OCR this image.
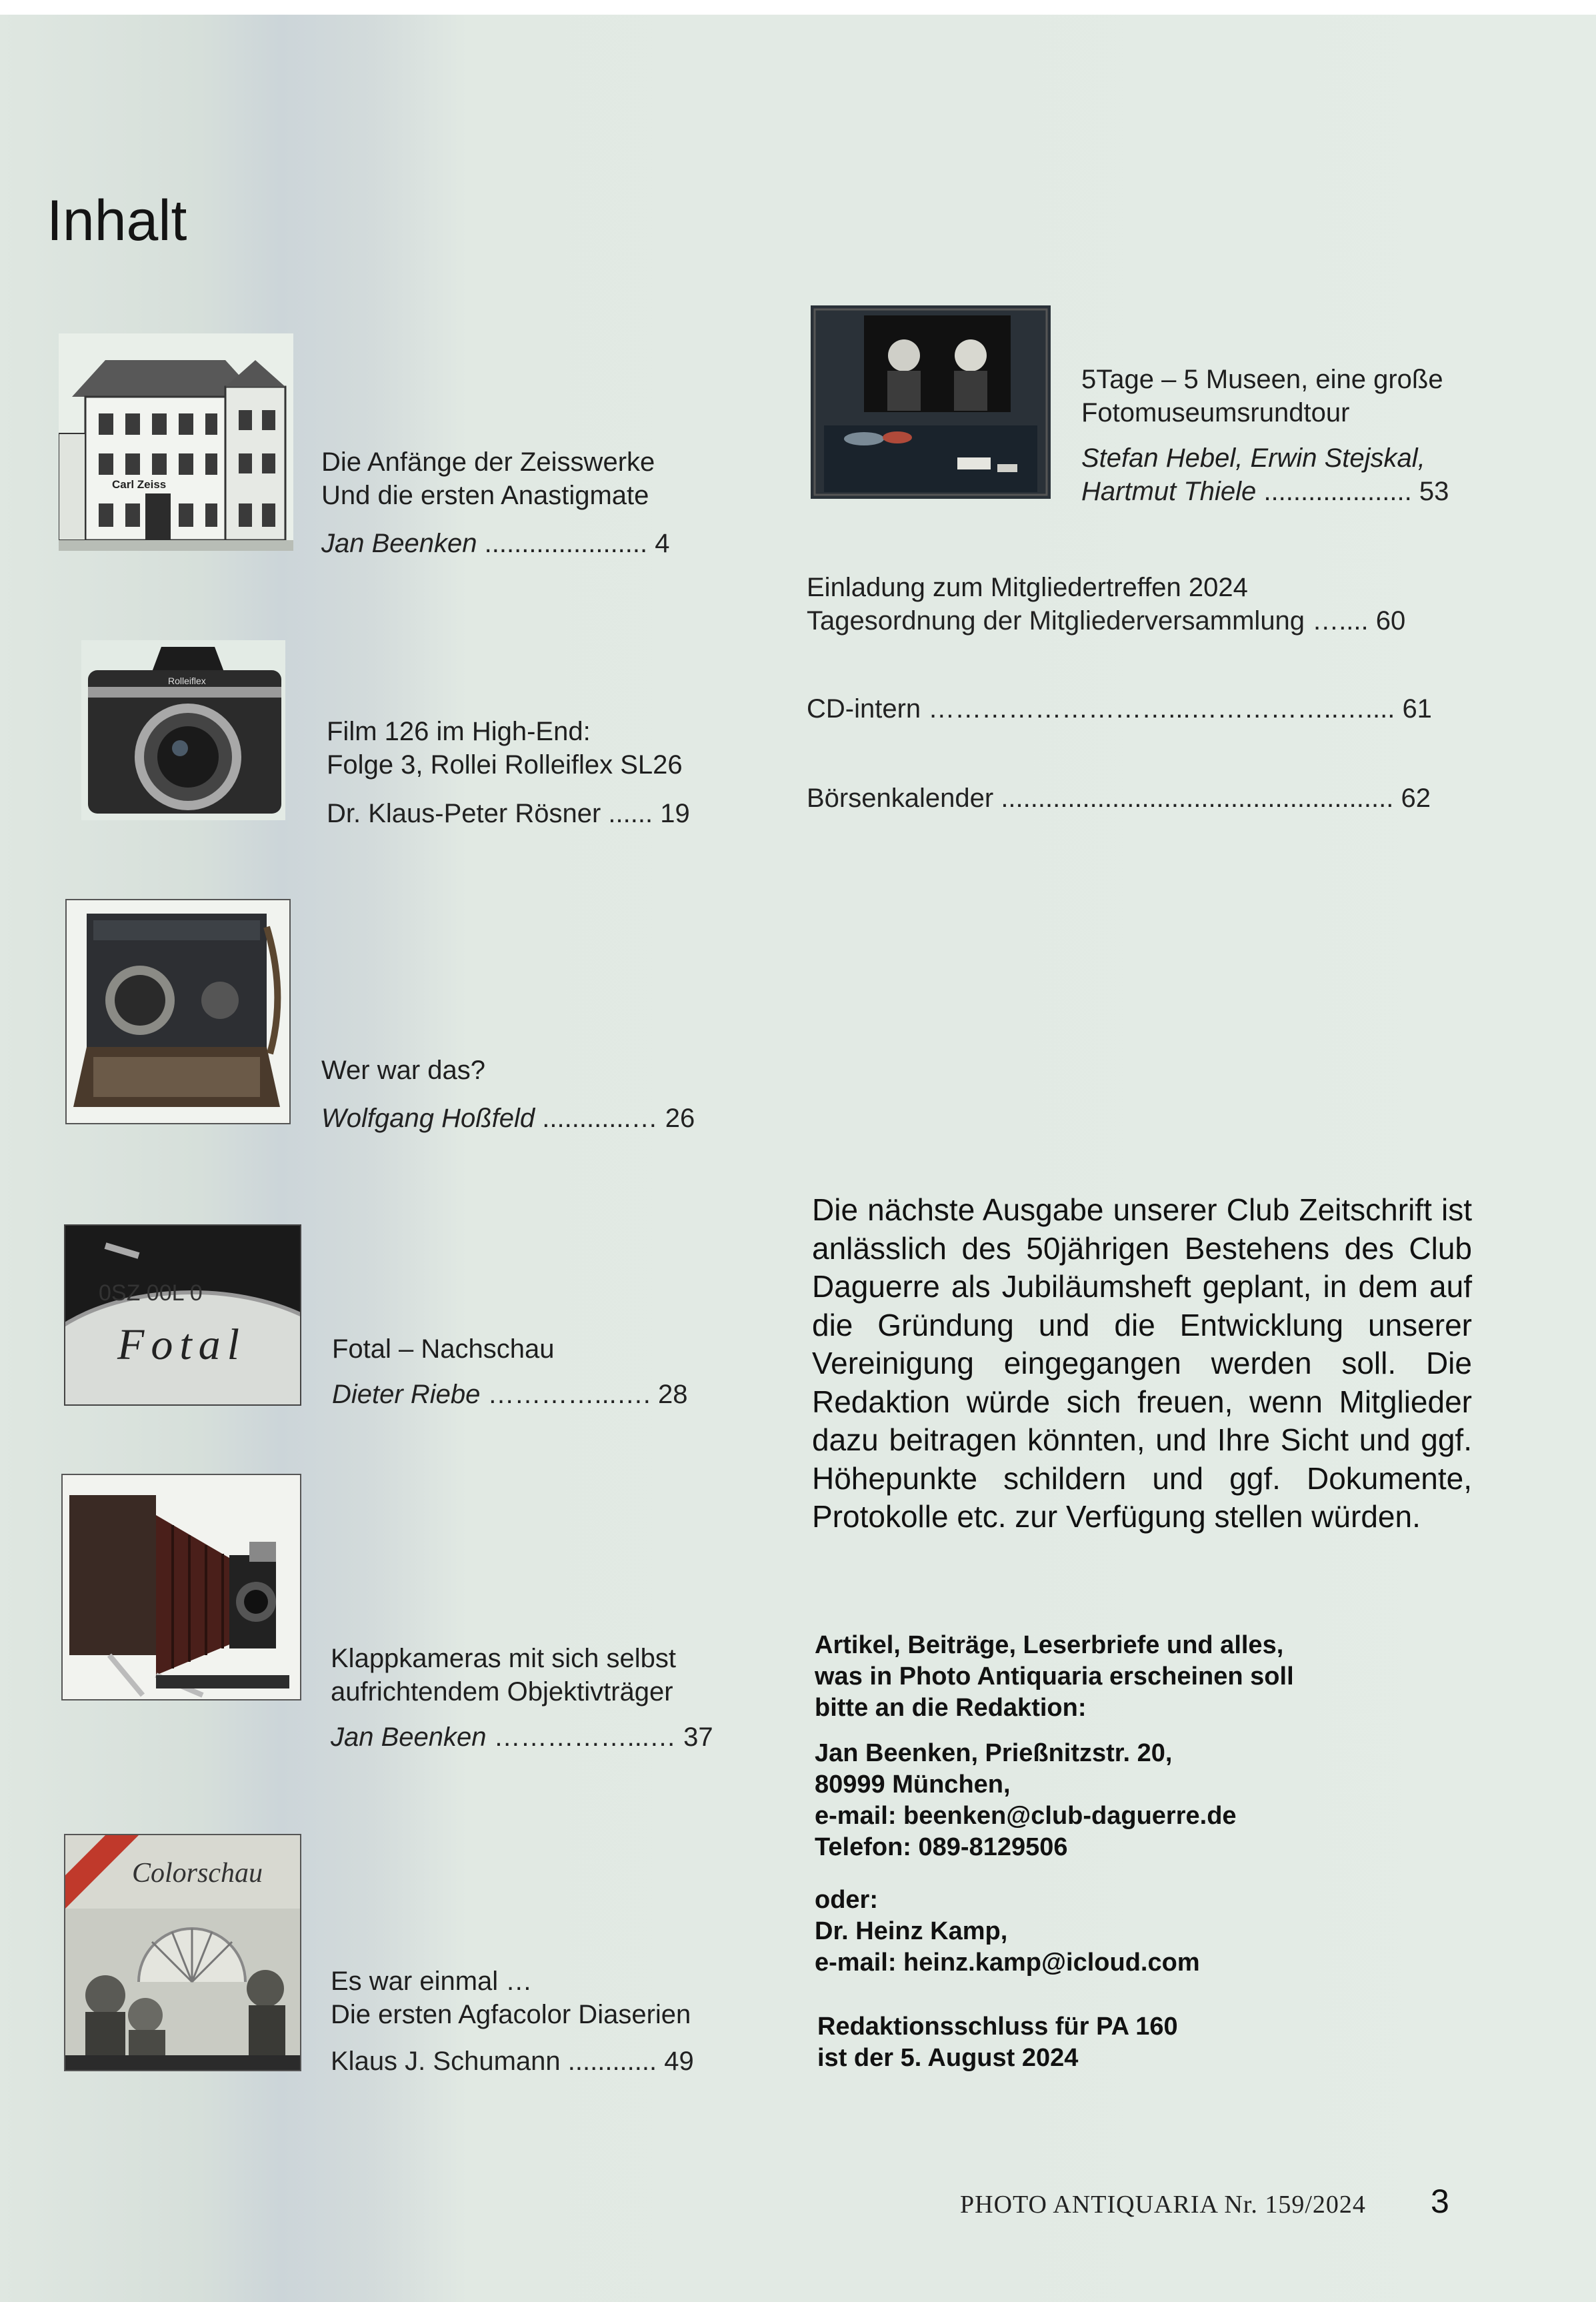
Inhalt
Carl Zeiss
Die Anfänge der Zeisswerke
Und die ersten Anastigmate
Jan Beenken ...................... 4
Rolleiflex
Film 126 im High-End:
Folge 3, Rollei Rolleiflex SL26
Dr. Klaus-Peter Rösner ...... 19
Wer war das?
Wolfgang Hoßfeld ............… 26
0SZ 00L 0
Fotal	Fotal – Nachschau
Dieter Riebe …………...…. 28
Klappkameras mit sich selbst
aufrichtendem Objektivträger
Jan Beenken ……………...… 37
Colorschau
Es war einmal …
Die ersten Agfacolor Diaserien
Klaus J. Schumann ............ 49
5Tage – 5 Museen, eine große
Fotomuseumsrundtour
Stefan Hebel, Erwin Stejskal,
Hartmut Thiele .................... 53
Einladung zum Mitgliedertreffen 2024
Tagesordnung der Mitgliederversammlung ….... 60
CD-intern ………………………...……………..….... 61
Börsenkalender ..................................................... 62
Die nächste Ausgabe unserer Club Zeitschrift ist anlässlich des 50jährigen Bestehens des Club Daguerre als Jubiläumsheft geplant, in dem auf die Gründung und die Entwicklung unserer Vereinigung eingegangen werden soll. Die Redaktion würde sich freuen, wenn Mitglieder dazu beitragen könnten, und Ihre Sicht und ggf. Höhepunkte schildern und ggf. Dokumente, Protokolle etc. zur Verfügung stellen würden.
Artikel, Beiträge, Leserbriefe und alles,
was in Photo Antiquaria erscheinen soll
bitte an die Redaktion:
Jan Beenken, Prießnitzstr. 20,
80999 München,
e-mail: beenken@club-daguerre.de
Telefon: 089-8129506
oder:
Dr. Heinz Kamp,
e-mail: heinz.kamp@icloud.com
Redaktionsschluss für PA 160
ist der 5. August 2024
PHOTO ANTIQUARIA Nr. 159/2024 3
